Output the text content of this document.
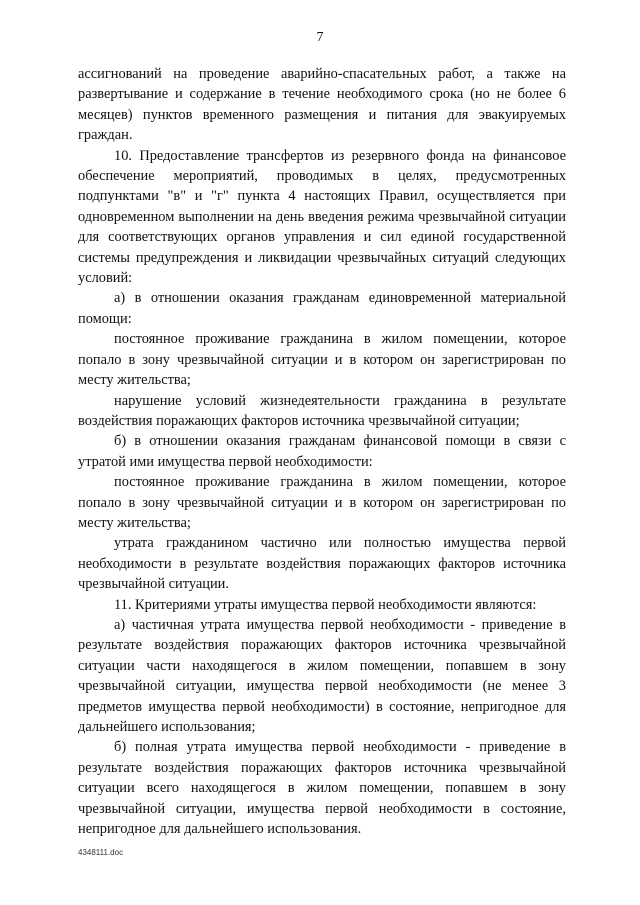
7

ассигнований на проведение аварийно-спасательных работ, а также на развертывание и содержание в течение необходимого срока (но не более 6 месяцев) пунктов временного размещения и питания для эвакуируемых граждан.

10. Предоставление трансфертов из резервного фонда на финансовое обеспечение мероприятий, проводимых в целях, предусмотренных подпунктами "в" и "г" пункта 4 настоящих Правил, осуществляется при одновременном выполнении на день введения режима чрезвычайной ситуации для соответствующих органов управления и сил единой государственной системы предупреждения и ликвидации чрезвычайных ситуаций следующих условий:

а) в отношении оказания гражданам единовременной материальной помощи:

постоянное проживание гражданина в жилом помещении, которое попало в зону чрезвычайной ситуации и в котором он зарегистрирован по месту жительства;

нарушение условий жизнедеятельности гражданина в результате воздействия поражающих факторов источника чрезвычайной ситуации;

б) в отношении оказания гражданам финансовой помощи в связи с утратой ими имущества первой необходимости:

постоянное проживание гражданина в жилом помещении, которое попало в зону чрезвычайной ситуации и в котором он зарегистрирован по месту жительства;

утрата гражданином частично или полностью имущества первой необходимости в результате воздействия поражающих факторов источника чрезвычайной ситуации.

11. Критериями утраты имущества первой необходимости являются:

а) частичная утрата имущества первой необходимости - приведение в результате воздействия поражающих факторов источника чрезвычайной ситуации части находящегося в жилом помещении, попавшем в зону чрезвычайной ситуации, имущества первой необходимости (не менее 3 предметов имущества первой необходимости) в состояние, непригодное для дальнейшего использования;

б) полная утрата имущества первой необходимости - приведение в результате воздействия поражающих факторов источника чрезвычайной ситуации всего находящегося в жилом помещении, попавшем в зону чрезвычайной ситуации, имущества первой необходимости в состояние, непригодное для дальнейшего использования.

4348111.doc
